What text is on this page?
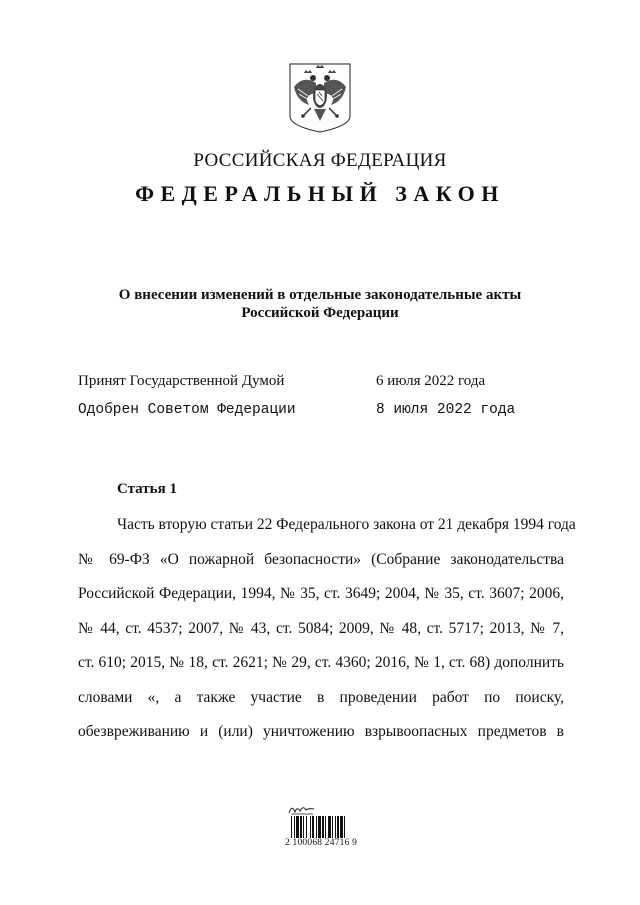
РОССИЙСКАЯ ФЕДЕРАЦИЯ
ФЕДЕРАЛЬНЫЙ ЗАКОН
О внесении изменений в отдельные законодательные акты
Российской Федерации
Принят Государственной Думой	6 июля 2022 года
Одобрен Советом Федерации	8 июля 2022 года
Статья 1
Часть вторую статьи 22 Федерального закона от 21 декабря 1994 года
№ 69-ФЗ «О пожарной безопасности» (Собрание законодательства
Российской Федерации, 1994, № 35, ст. 3649; 2004, № 35, ст. 3607; 2006,
№ 44, ст. 4537; 2007, № 43, ст. 5084; 2009, № 48, ст. 5717; 2013, № 7,
ст. 610; 2015, № 18, ст. 2621; № 29, ст. 4360; 2016, № 1, ст. 68) дополнить
словами «, а также участие в проведении работ по поиску,
обезвреживанию и (или) уничтожению взрывоопасных предметов в
2 100068 24716 9
